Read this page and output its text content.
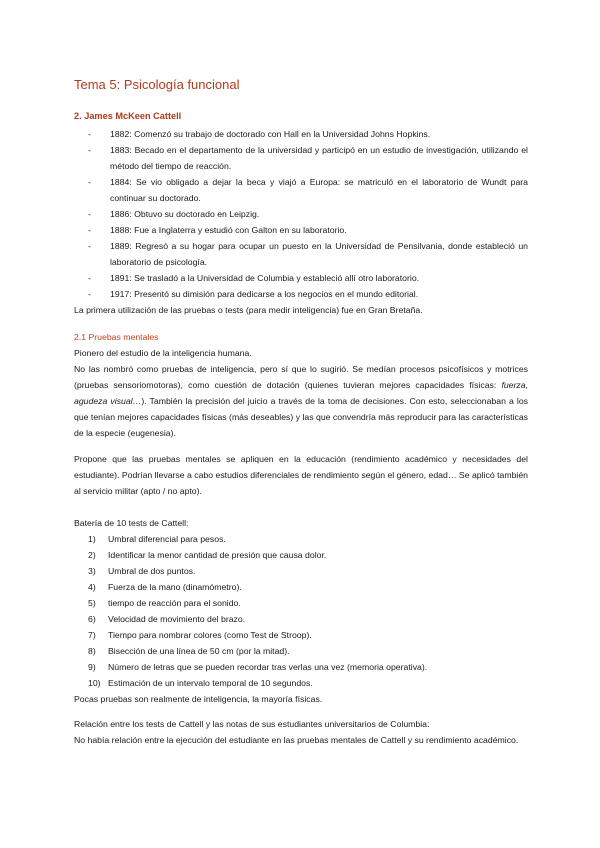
Tema 5: Psicología funcional
2. James McKeen Cattell
- 1882: Comenzó su trabajo de doctorado con Hall en la Universidad Johns Hopkins.
- 1883: Becado en el departamento de la universidad y participó en un estudio de investigación, utilizando el método del tiempo de reacción.
- 1884: Se vio obligado a dejar la beca y viajó a Europa: se matriculó en el laboratorio de Wundt para continuar su doctorado.
- 1886: Obtuvo su doctorado en Leipzig.
- 1888: Fue a Inglaterra y estudió con Galton en su laboratorio.
- 1889: Regresó a su hogar para ocupar un puesto en la Universidad de Pensilvania, donde estableció un laboratorio de psicología.
- 1891: Se trasladó a la Universidad de Columbia y estableció allí otro laboratorio.
- 1917: Presentó su dimisión para dedicarse a los negocios en el mundo editorial.

La primera utilización de las pruebas o tests (para medir inteligencia) fue en Gran Bretaña.

2.1 Pruebas mentales

Pionero del estudio de la inteligencia humana.

No las nombró como pruebas de inteligencia, pero sí que lo sugirió. Se medían procesos psicofísicos y motrices (pruebas sensoriomotoras), como cuestión de dotación (quienes tuvieran mejores capacidades físicas: fuerza, agudeza visual…). También la precisión del juicio a través de la toma de decisiones. Con esto, seleccionaban a los que tenían mejores capacidades físicas (más deseables) y las que convendría más reproducir para las características de la especie (eugenesia).

Propone que las pruebas mentales se apliquen en la educación (rendimiento académico y necesidades del estudiante). Podrían llevarse a cabo estudios diferenciales de rendimiento según el género, edad… Se aplicó también al servicio militar (apto / no apto).

Batería de 10 tests de Cattell:

1) Umbral diferencial para pesos.
2) Identificar la menor cantidad de presión que causa dolor.
3) Umbral de dos puntos.
4) Fuerza de la mano (dinamómetro).
5) tiempo de reacción para el sonido.
6) Velocidad de movimiento del brazo.
7) Tiempo para nombrar colores (como Test de Stroop).
8) Bisección de una línea de 50 cm (por la mitad).
9) Número de letras que se pueden recordar tras verlas una vez (memoria operativa).
10) Estimación de un intervalo temporal de 10 segundos.

Pocas pruebas son realmente de inteligencia, la mayoría físicas.

Relación entre los tests de Cattell y las notas de sus estudiantes universitarios de Columbia:

No había relación entre la ejecución del estudiante en las pruebas mentales de Cattell y su rendimiento académico.
